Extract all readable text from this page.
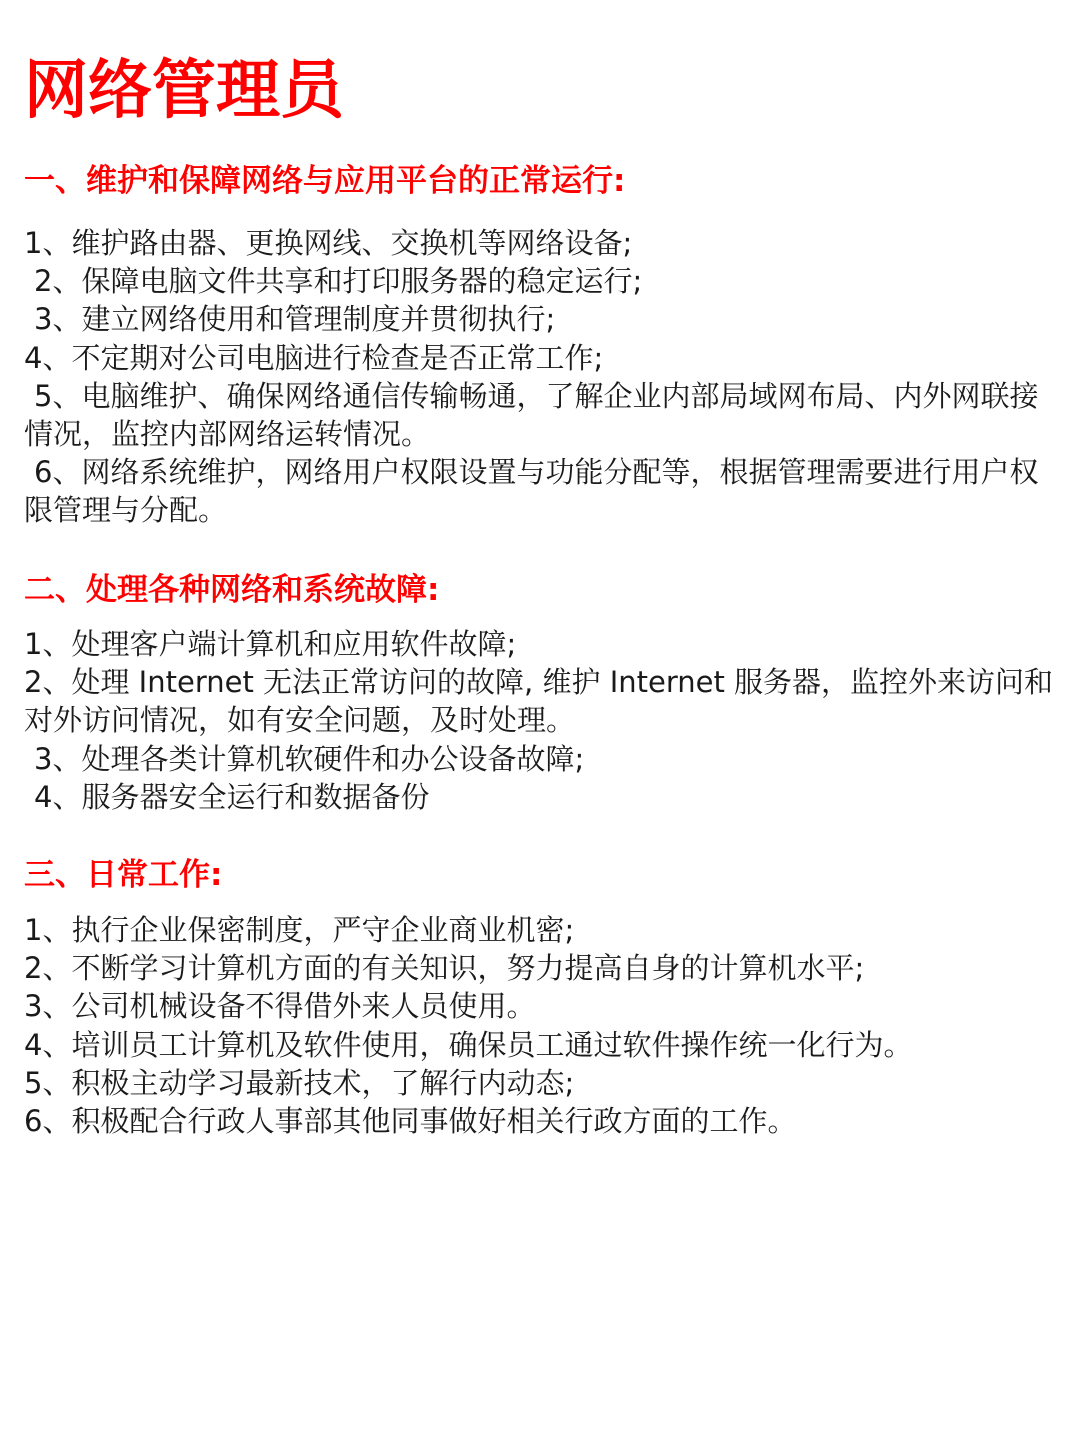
网络管理员
一、维护和保障网络与应用平台的正常运行:
1、维护路由器、更换网线、交换机等网络设备;
2、保障电脑文件共享和打印服务器的稳定运行;
3、建立网络使用和管理制度并贯彻执行;
4、不定期对公司电脑进行检查是否正常工作;
5、电脑维护、确保网络通信传输畅通，了解企业内部局域网布局、内外网联接情况，监控内部网络运转情况。
6、网络系统维护，网络用户权限设置与功能分配等，根据管理需要进行用户权限管理与分配。
二、处理各种网络和系统故障:
1、处理客户端计算机和应用软件故障;
2、处理 Internet 无法正常访问的故障, 维护 Internet 服务器，监控外来访问和对外访问情况，如有安全问题，及时处理。
3、处理各类计算机软硬件和办公设备故障;
4、服务器安全运行和数据备份
三、日常工作:
1、执行企业保密制度，严守企业商业机密;
2、不断学习计算机方面的有关知识，努力提高自身的计算机水平;
3、公司机械设备不得借外来人员使用。
4、培训员工计算机及软件使用，确保员工通过软件操作统一化行为。
5、积极主动学习最新技术，了解行内动态;
6、积极配合行政人事部其他同事做好相关行政方面的工作。
